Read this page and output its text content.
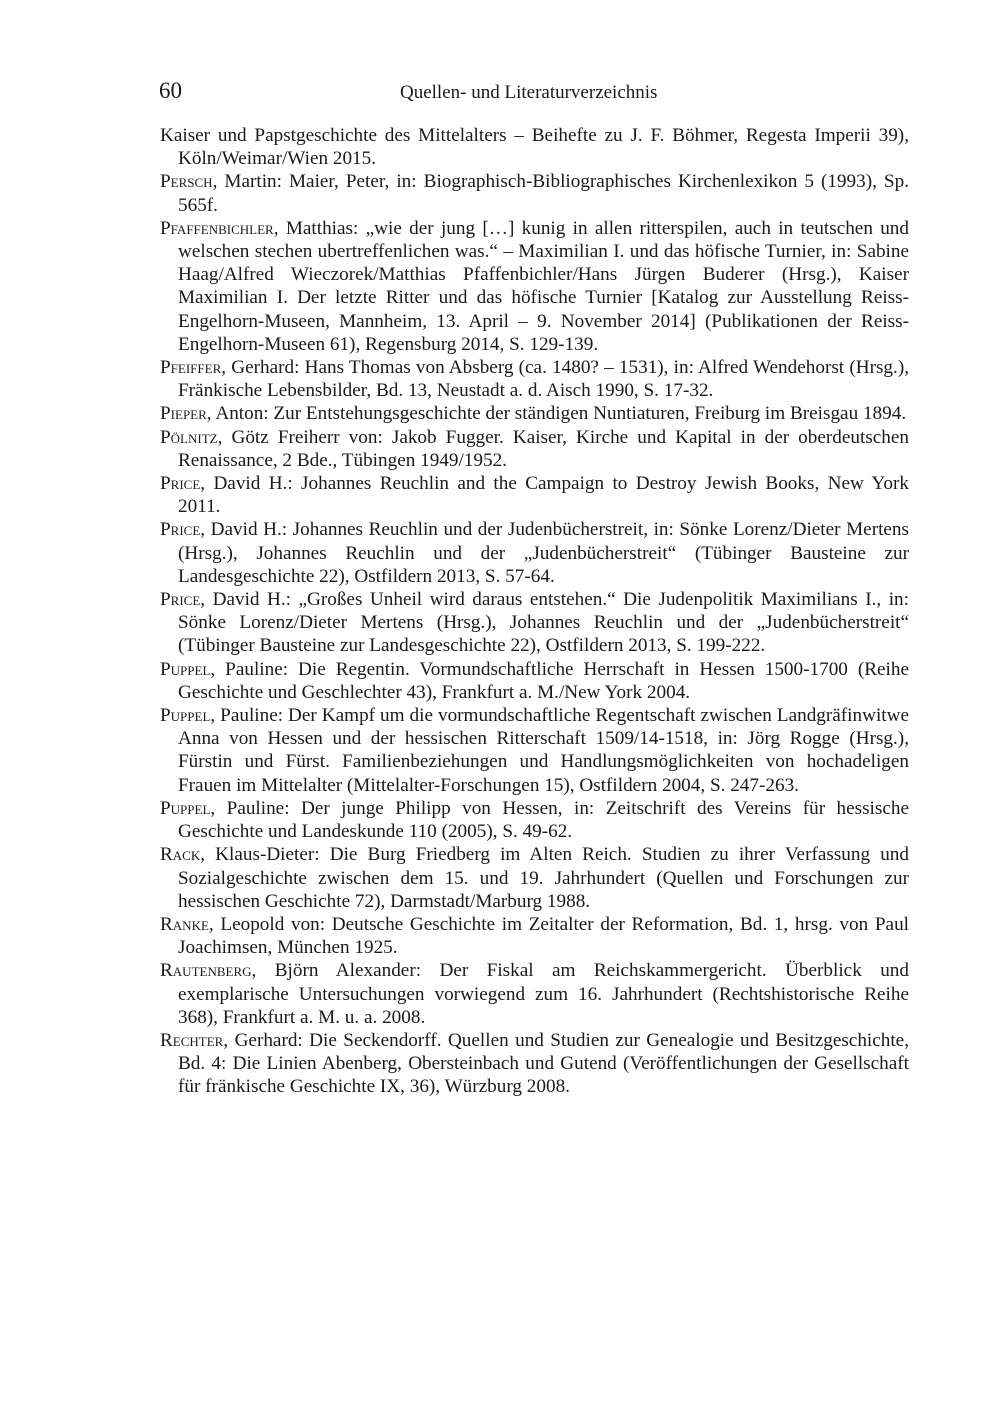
60	Quellen- und Literaturverzeichnis
Kaiser und Papstgeschichte des Mittelalters – Beihefte zu J. F. Böhmer, Regesta Imperii 39), Köln/Weimar/Wien 2015.
Persch, Martin: Maier, Peter, in: Biographisch-Bibliographisches Kirchenlexikon 5 (1993), Sp. 565f.
Pfaffenbichler, Matthias: „wie der jung […] kunig in allen ritterspilen, auch in teutschen und welschen stechen ubertreffenlichen was.“ – Maximilian I. und das höfische Turnier, in: Sabine Haag/Alfred Wieczorek/Matthias Pfaffenbichler/Hans Jürgen Buderer (Hrsg.), Kaiser Maximilian I. Der letzte Ritter und das höfische Turnier [Katalog zur Ausstellung Reiss-Engelhorn-Museen, Mannheim, 13. April – 9. November 2014] (Publikationen der Reiss-Engelhorn-Museen 61), Regensburg 2014, S. 129-139.
Pfeiffer, Gerhard: Hans Thomas von Absberg (ca. 1480? – 1531), in: Alfred Wendehorst (Hrsg.), Fränkische Lebensbilder, Bd. 13, Neustadt a. d. Aisch 1990, S. 17-32.
Pieper, Anton: Zur Entstehungsgeschichte der ständigen Nuntiaturen, Freiburg im Breisgau 1894.
Pölnitz, Götz Freiherr von: Jakob Fugger. Kaiser, Kirche und Kapital in der oberdeutschen Renaissance, 2 Bde., Tübingen 1949/1952.
Price, David H.: Johannes Reuchlin and the Campaign to Destroy Jewish Books, New York 2011.
Price, David H.: Johannes Reuchlin und der Judenbücherstreit, in: Sönke Lorenz/Dieter Mertens (Hrsg.), Johannes Reuchlin und der „Judenbücherstreit“ (Tübinger Bausteine zur Landesgeschichte 22), Ostfildern 2013, S. 57-64.
Price, David H.: „Großes Unheil wird daraus entstehen.“ Die Judenpolitik Maximilians I., in: Sönke Lorenz/Dieter Mertens (Hrsg.), Johannes Reuchlin und der „Judenbücherstreit“ (Tübinger Bausteine zur Landesgeschichte 22), Ostfildern 2013, S. 199-222.
Puppel, Pauline: Die Regentin. Vormundschaftliche Herrschaft in Hessen 1500-1700 (Reihe Geschichte und Geschlechter 43), Frankfurt a. M./New York 2004.
Puppel, Pauline: Der Kampf um die vormundschaftliche Regentschaft zwischen Landgräfinwitwe Anna von Hessen und der hessischen Ritterschaft 1509/14-1518, in: Jörg Rogge (Hrsg.), Fürstin und Fürst. Familienbeziehungen und Handlungsmöglichkeiten von hochadeligen Frauen im Mittelalter (Mittelalter-Forschungen 15), Ostfildern 2004, S. 247-263.
Puppel, Pauline: Der junge Philipp von Hessen, in: Zeitschrift des Vereins für hessische Geschichte und Landeskunde 110 (2005), S. 49-62.
Rack, Klaus-Dieter: Die Burg Friedberg im Alten Reich. Studien zu ihrer Verfassung und Sozialgeschichte zwischen dem 15. und 19. Jahrhundert (Quellen und Forschungen zur hessischen Geschichte 72), Darmstadt/Marburg 1988.
Ranke, Leopold von: Deutsche Geschichte im Zeitalter der Reformation, Bd. 1, hrsg. von Paul Joachimsen, München 1925.
Rautenberg, Björn Alexander: Der Fiskal am Reichskammergericht. Überblick und exemplarische Untersuchungen vorwiegend zum 16. Jahrhundert (Rechtshistorische Reihe 368), Frankfurt a. M. u. a. 2008.
Rechter, Gerhard: Die Seckendorff. Quellen und Studien zur Genealogie und Besitzgeschichte, Bd. 4: Die Linien Abenberg, Obersteinbach und Gutend (Veröffentlichungen der Gesellschaft für fränkische Geschichte IX, 36), Würzburg 2008.
